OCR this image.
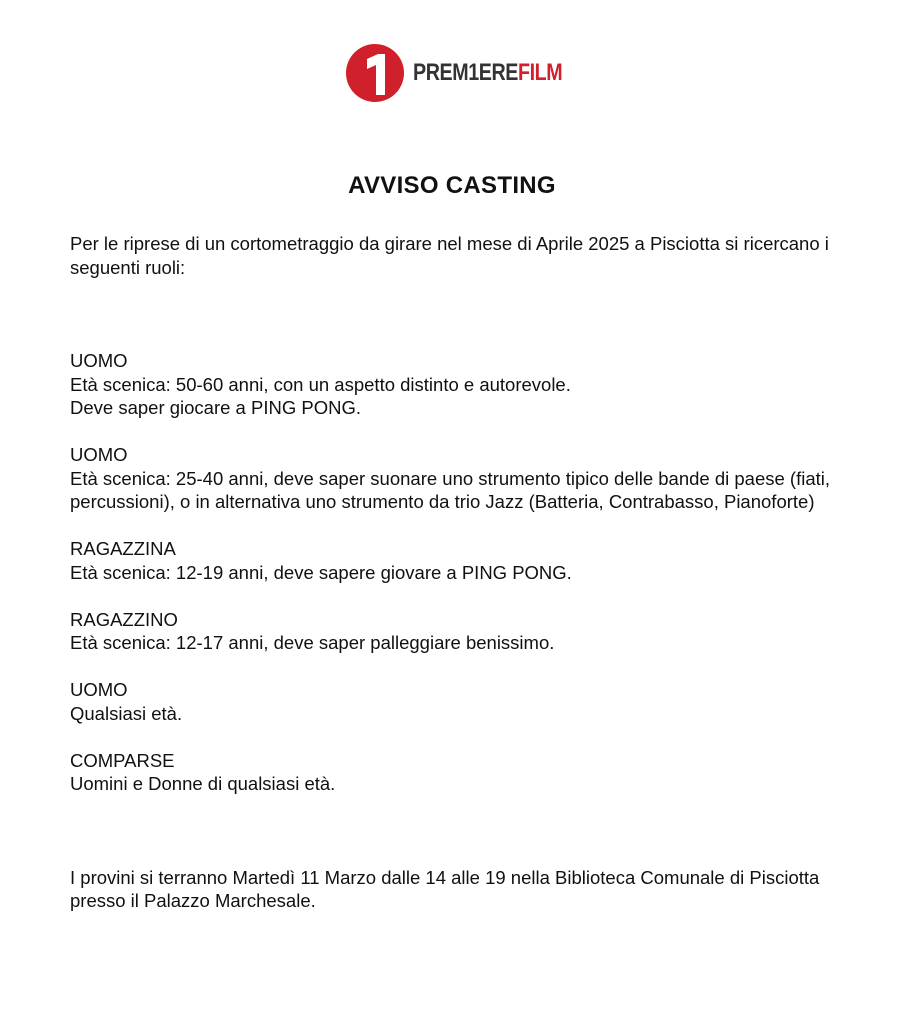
PREM1EREFILM
AVVISO CASTING

Per le riprese di un cortometraggio da girare nel mese di Aprile 2025 a Pisciotta si ricercano i seguenti ruoli:

UOMO

Età scenica: 50-60 anni, con un aspetto distinto e autorevole.

Deve saper giocare a PING PONG.

UOMO

Età scenica: 25-40 anni, deve saper suonare uno strumento tipico delle bande di paese (fiati, percussioni), o in alternativa uno strumento da trio Jazz (Batteria, Contrabasso, Pianoforte)

RAGAZZINA

Età scenica: 12-19 anni, deve sapere giovare a PING PONG.

RAGAZZINO

Età scenica: 12-17 anni, deve saper palleggiare benissimo.

UOMO

Qualsiasi età.

COMPARSE

Uomini e Donne di qualsiasi età.

I provini si terranno Martedì 11 Marzo dalle 14 alle 19 nella Biblioteca Comunale di Pisciotta presso il Palazzo Marchesale.
